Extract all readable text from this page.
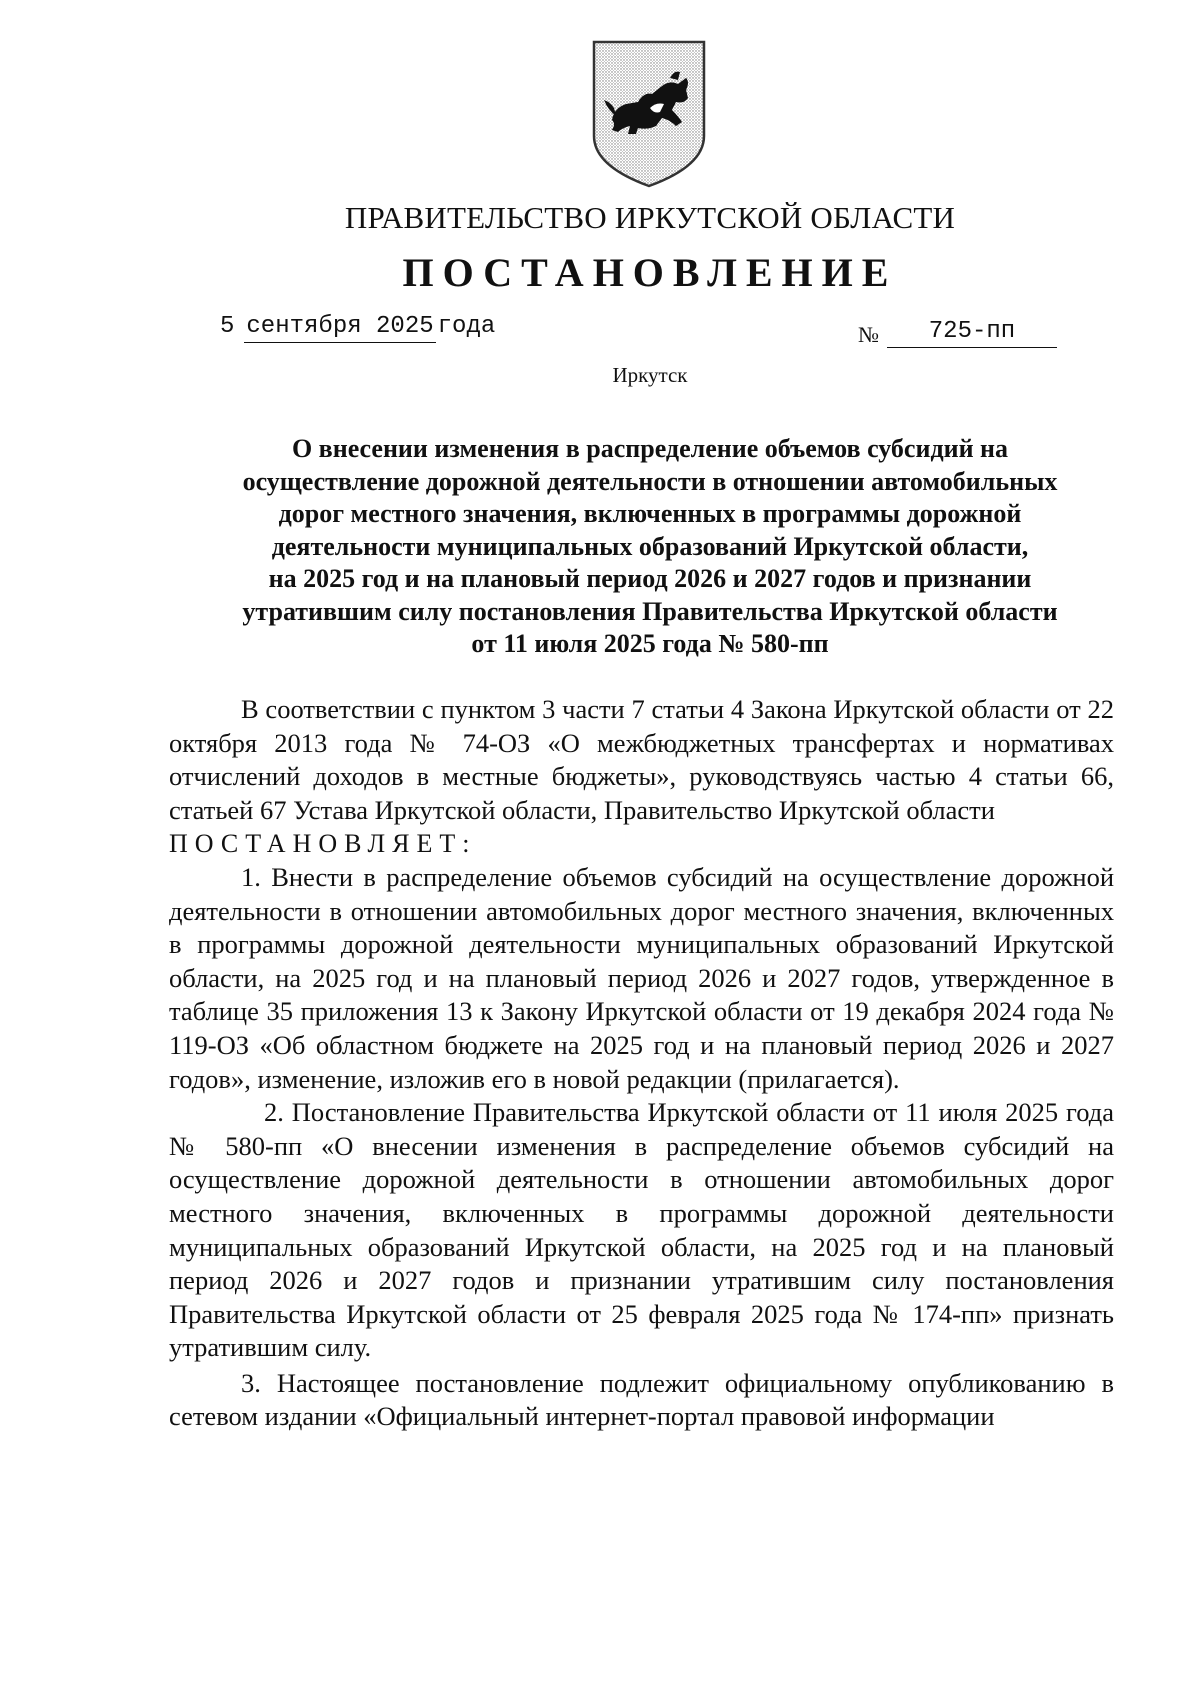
ПРАВИТЕЛЬСТВО ИРКУТСКОЙ ОБЛАСТИ
ПОСТАНОВЛЕНИЕ
5 сентября 2025 года	№ 725-пп
Иркутск
О внесении изменения в распределение объемов субсидий на
осуществление дорожной деятельности в отношении автомобильных
дорог местного значения, включенных в программы дорожной
деятельности муниципальных образований Иркутской области,
на 2025 год и на плановый период 2026 и 2027 годов и признании
утратившим силу постановления Правительства Иркутской области
от 11 июля 2025 года № 580-пп

В соответствии с пунктом 3 части 7 статьи 4 Закона Иркутской области от 22 октября 2013 года № 74-ОЗ «О межбюджетных трансфертах и нормативах отчислений доходов в местные бюджеты», руководствуясь частью 4 статьи 66, статьей 67 Устава Иркутской области, Правительство Иркутской области

ПОСТАНОВЛЯЕТ:

1. Внести в распределение объемов субсидий на осуществление дорожной деятельности в отношении автомобильных дорог местного значения, включенных в программы дорожной деятельности муниципальных образований Иркутской области, на 2025 год и на плановый период 2026 и 2027 годов, утвержденное в таблице 35 приложения 13 к Закону Иркутской области от 19 декабря 2024 года № 119-ОЗ «Об областном бюджете на 2025 год и на плановый период 2026 и 2027 годов», изменение, изложив его в новой редакции (прилагается).

2. Постановление Правительства Иркутской области от 11 июля 2025 года № 580-пп «О внесении изменения в распределение объемов субсидий на осуществление дорожной деятельности в отношении автомобильных дорог местного значения, включенных в программы дорожной деятельности муниципальных образований Иркутской области, на 2025 год и на плановый период 2026 и 2027 годов и признании утратившим силу постановления Правительства Иркутской области от 25 февраля 2025 года № 174-пп» признать утратившим силу.

3. Настоящее постановление подлежит официальному опубликованию в сетевом издании «Официальный интернет-портал правовой информации
